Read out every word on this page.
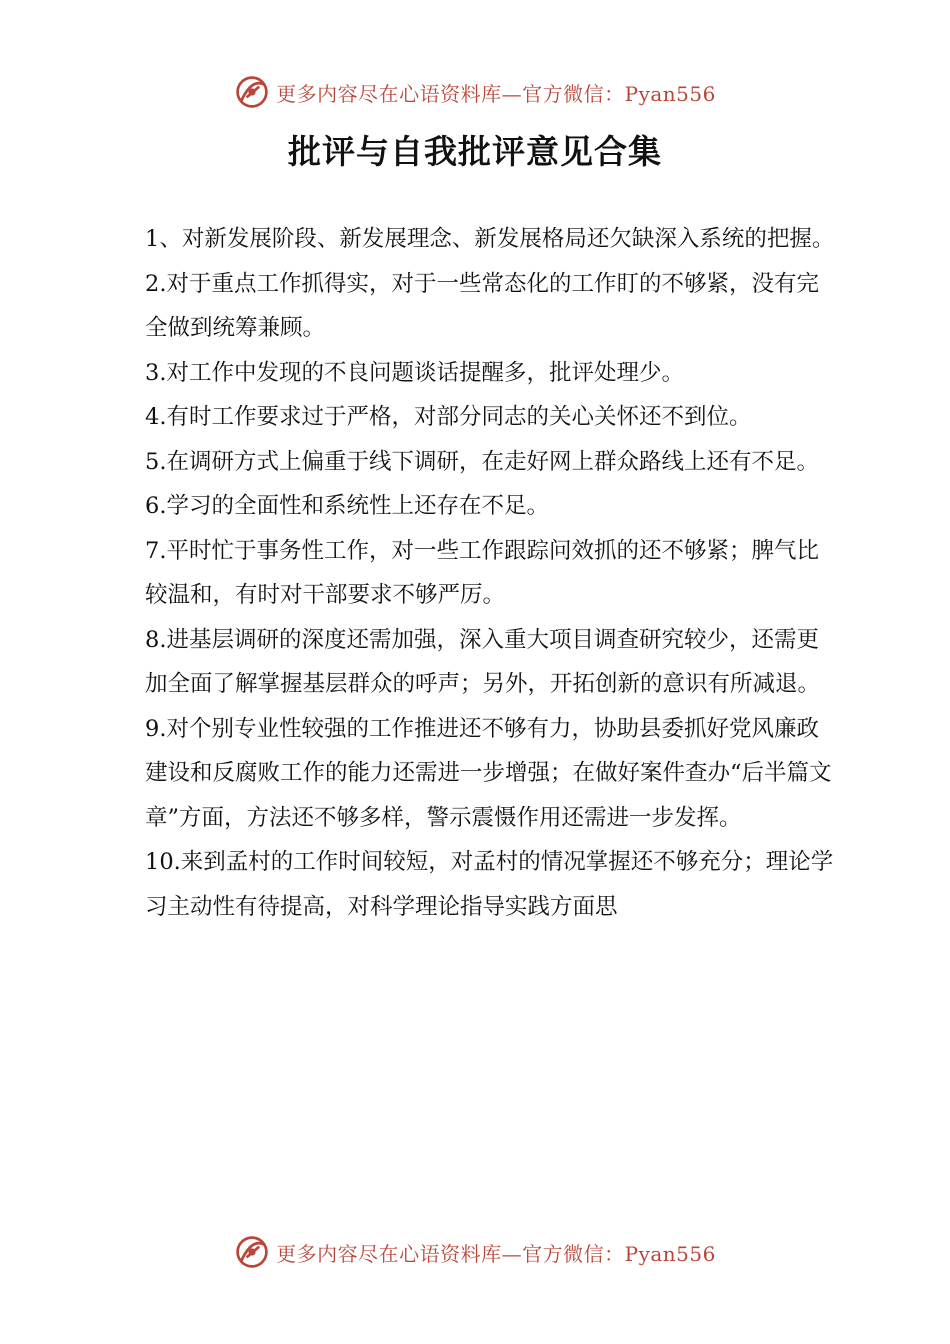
更多内容尽在心语资料库—官方微信：Pyan556
批评与自我批评意见合集

1、对新发展阶段、新发展理念、新发展格局还欠缺深入系统的把握。

2.对于重点工作抓得实，对于一些常态化的工作盯的不够紧，没有完全做到统筹兼顾。

3.对工作中发现的不良问题谈话提醒多，批评处理少。

4.有时工作要求过于严格，对部分同志的关心关怀还不到位。

5.在调研方式上偏重于线下调研，在走好网上群众路线上还有不足。

6.学习的全面性和系统性上还存在不足。

7.平时忙于事务性工作，对一些工作跟踪问效抓的还不够紧；脾气比较温和，有时对干部要求不够严厉。

8.进基层调研的深度还需加强，深入重大项目调查研究较少，还需更加全面了解掌握基层群众的呼声；另外，开拓创新的意识有所减退。

9.对个别专业性较强的工作推进还不够有力，协助县委抓好党风廉政建设和反腐败工作的能力还需进一步增强；在做好案件查办“后半篇文章”方面，方法还不够多样，警示震慑作用还需进一步发挥。

10.来到孟村的工作时间较短，对孟村的情况掌握还不够充分；理论学习主动性有待提高，对科学理论指导实践方面思

更多内容尽在心语资料库—官方微信：Pyan556
